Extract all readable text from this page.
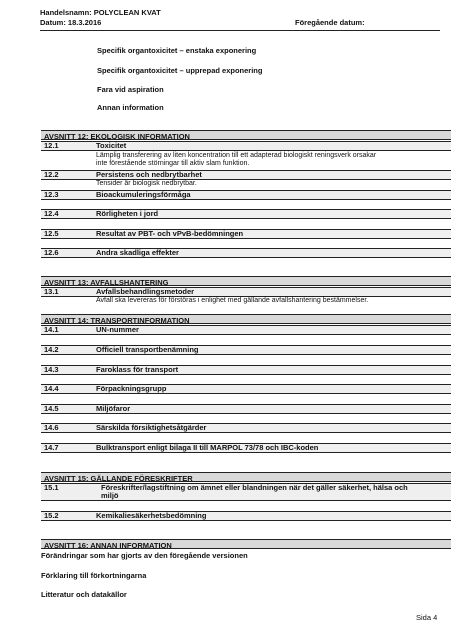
Handelsnamn: POLYCLEAN KVAT
Datum: 18.3.2016	Föregående datum:
Specifik organtoxicitet – enstaka exponering
Specifik organtoxicitet – upprepad exponering
Fara vid aspiration
Annan information
AVSNITT 12: EKOLOGISK INFORMATION
12.1	Toxicitet
Lämplig transferering av liten koncentration till ett adapterad biologiskt reningsverk orsakar
inte förestående störningar till aktiv slam funktion.
12.2	Persistens och nedbrytbarhet
Tensider är biologisk nedbrytbar.
12.3	Bioackumuleringsförmåga
12.4	Rörligheten i jord
12.5	Resultat av PBT- och vPvB-bedömningen
12.6	Andra skadliga effekter
AVSNITT 13: AVFALLSHANTERING
13.1	Avfallsbehandlingsmetoder
Avfall ska levereras för förstöras i enlighet med gällande avfallshantering bestämmelser.
AVSNITT 14: TRANSPORTINFORMATION
14.1	UN-nummer
14.2	Officiell transportbenämning
14.3	Faroklass för transport
14.4	Förpackningsgrupp
14.5	Miljöfaror
14.6	Särskilda försiktighetsåtgärder
14.7	Bulktransport enligt bilaga II till MARPOL 73/78 och IBC-koden
AVSNITT 15: GÄLLANDE FÖRESKRIFTER
15.1	Föreskrifter/lagstiftning om ämnet eller blandningen när det gäller säkerhet, hälsa och
miljö
15.2	Kemikaliesäkerhetsbedömning
AVSNITT 16: ANNAN INFORMATION
Förändringar som har gjorts av den föregående versionen
Förklaring till förkortningarna
Litteratur och datakällor
Sida 4
